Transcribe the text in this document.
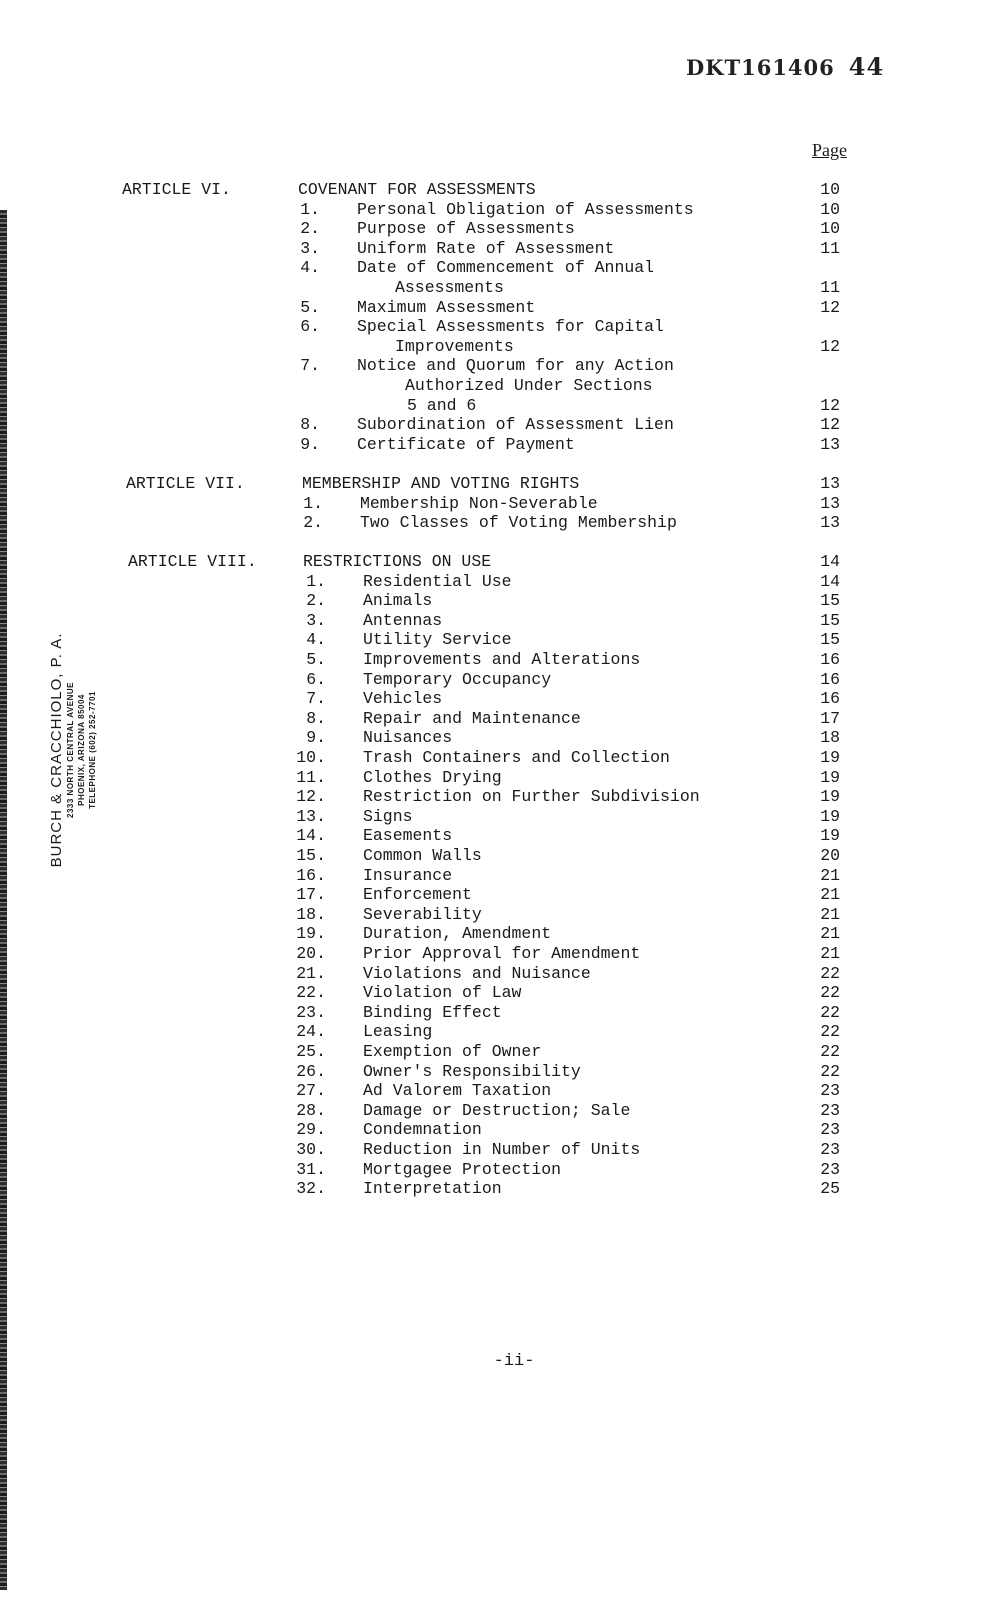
DKT161406 44
Page
BURCH & CRACCHIOLO, P. A. 2333 NORTH CENTRAL AVENUE PHOENIX, ARIZONA 85004 TELEPHONE (602) 252-7701
ARTICLE VI.	COVENANT FOR ASSESSMENTS	10
1. Personal Obligation of Assessments	10
2. Purpose of Assessments	10
3. Uniform Rate of Assessment	11
4. Date of Commencement of Annual
Assessments	11
5. Maximum Assessment	12
6. Special Assessments for Capital
Improvements	12
7. Notice and Quorum for any Action
Authorized Under Sections
5 and 6	12
8. Subordination of Assessment Lien	12
9. Certificate of Payment	13
ARTICLE VII.	MEMBERSHIP AND VOTING RIGHTS	13
1. Membership Non-Severable	13
2. Two Classes of Voting Membership	13
ARTICLE VIII.	RESTRICTIONS ON USE	14
1. Residential Use	14
2. Animals	15
3. Antennas	15
4. Utility Service	15
5. Improvements and Alterations	16
6. Temporary Occupancy	16
7. Vehicles	16
8. Repair and Maintenance	17
9. Nuisances	18
10. Trash Containers and Collection	19
11. Clothes Drying	19
12. Restriction on Further Subdivision	19
13. Signs	19
14. Easements	19
15. Common Walls	20
16. Insurance	21
17. Enforcement	21
18. Severability	21
19. Duration, Amendment	21
20. Prior Approval for Amendment	21
21. Violations and Nuisance	22
22. Violation of Law	22
23. Binding Effect	22
24. Leasing	22
25. Exemption of Owner	22
26. Owner's Responsibility	22
27. Ad Valorem Taxation	23
28. Damage or Destruction; Sale	23
29. Condemnation	23
30. Reduction in Number of Units	23
31. Mortgagee Protection	23
32. Interpretation	25
-ii-
